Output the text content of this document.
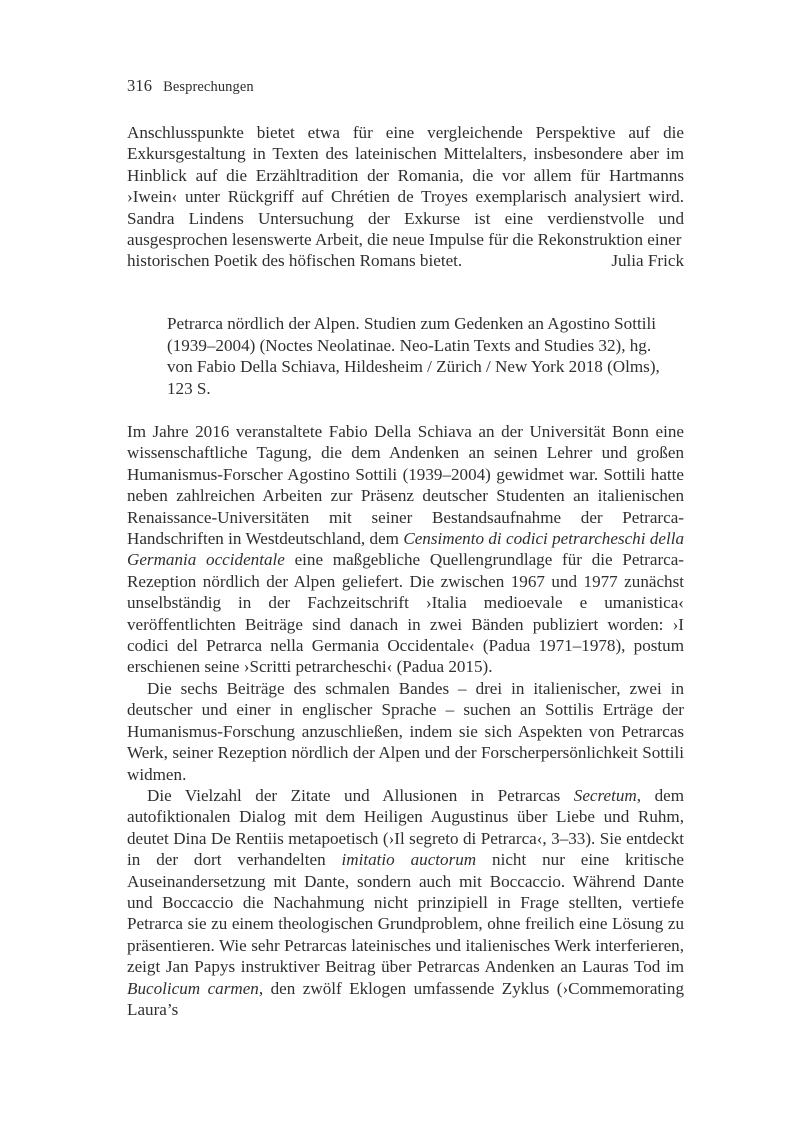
316 Besprechungen

Anschlusspunkte bietet etwa für eine vergleichende Perspektive auf die Exkursgestaltung in Texten des lateinischen Mittelalters, insbesondere aber im Hinblick auf die Erzähltradition der Romania, die vor allem für Hartmanns ›Iwein‹ unter Rückgriff auf Chrétien de Troyes exemplarisch analysiert wird. Sandra Lindens Untersuchung der Exkurse ist eine verdienstvolle und ausgesprochen lesenswerte Arbeit, die neue Impulse für die Rekonstruktion einer

historischen Poetik des höfischen Romans bietet.	Julia Frick
Petrarca nördlich der Alpen. Studien zum Gedenken an Agostino Sottili
(1939–2004) (Noctes Neolatinae. Neo-Latin Texts and Studies 32), hg.
von Fabio Della Schiava, Hildesheim / Zürich / New York 2018 (Olms),
123 S.

Im Jahre 2016 veranstaltete Fabio Della Schiava an der Universität Bonn eine wissenschaftliche Tagung, die dem Andenken an seinen Lehrer und großen Humanismus-Forscher Agostino Sottili (1939–2004) gewidmet war. Sottili hatte neben zahlreichen Arbeiten zur Präsenz deutscher Studenten an italienischen Renaissance-Universitäten mit seiner Bestandsaufnahme der Petrarca-Handschriften in Westdeutschland, dem Censimento di codici petrarcheschi della Germania occidentale eine maßgebliche Quellengrundlage für die Petrarca-Rezeption nördlich der Alpen geliefert. Die zwischen 1967 und 1977 zunächst unselbständig in der Fachzeitschrift ›Italia medioevale e umanistica‹ veröffentlichten Beiträge sind danach in zwei Bänden publiziert worden: ›I codici del Petrarca nella Germania Occidentale‹ (Padua 1971–1978), postum erschienen seine ›Scritti petrarcheschi‹ (Padua 2015).

Die sechs Beiträge des schmalen Bandes – drei in italienischer, zwei in deutscher und einer in englischer Sprache – suchen an Sottilis Erträge der Humanismus-Forschung anzuschließen, indem sie sich Aspekten von Petrarcas Werk, seiner Rezeption nördlich der Alpen und der Forscherpersönlichkeit Sottili widmen.

Die Vielzahl der Zitate und Allusionen in Petrarcas Secretum, dem autofiktionalen Dialog mit dem Heiligen Augustinus über Liebe und Ruhm, deutet Dina De Rentiis metapoetisch (›Il segreto di Petrarca‹, 3–33). Sie entdeckt in der dort verhandelten imitatio auctorum nicht nur eine kritische Auseinandersetzung mit Dante, sondern auch mit Boccaccio. Während Dante und Boccaccio die Nachahmung nicht prinzipiell in Frage stellten, vertiefe Petrarca sie zu einem theologischen Grundproblem, ohne freilich eine Lösung zu präsentieren. Wie sehr Petrarcas lateinisches und italienisches Werk interferieren, zeigt Jan Papys instruktiver Beitrag über Petrarcas Andenken an Lauras Tod im Bucolicum carmen, den zwölf Eklogen umfassende Zyklus (›Commemorating Laura’s
